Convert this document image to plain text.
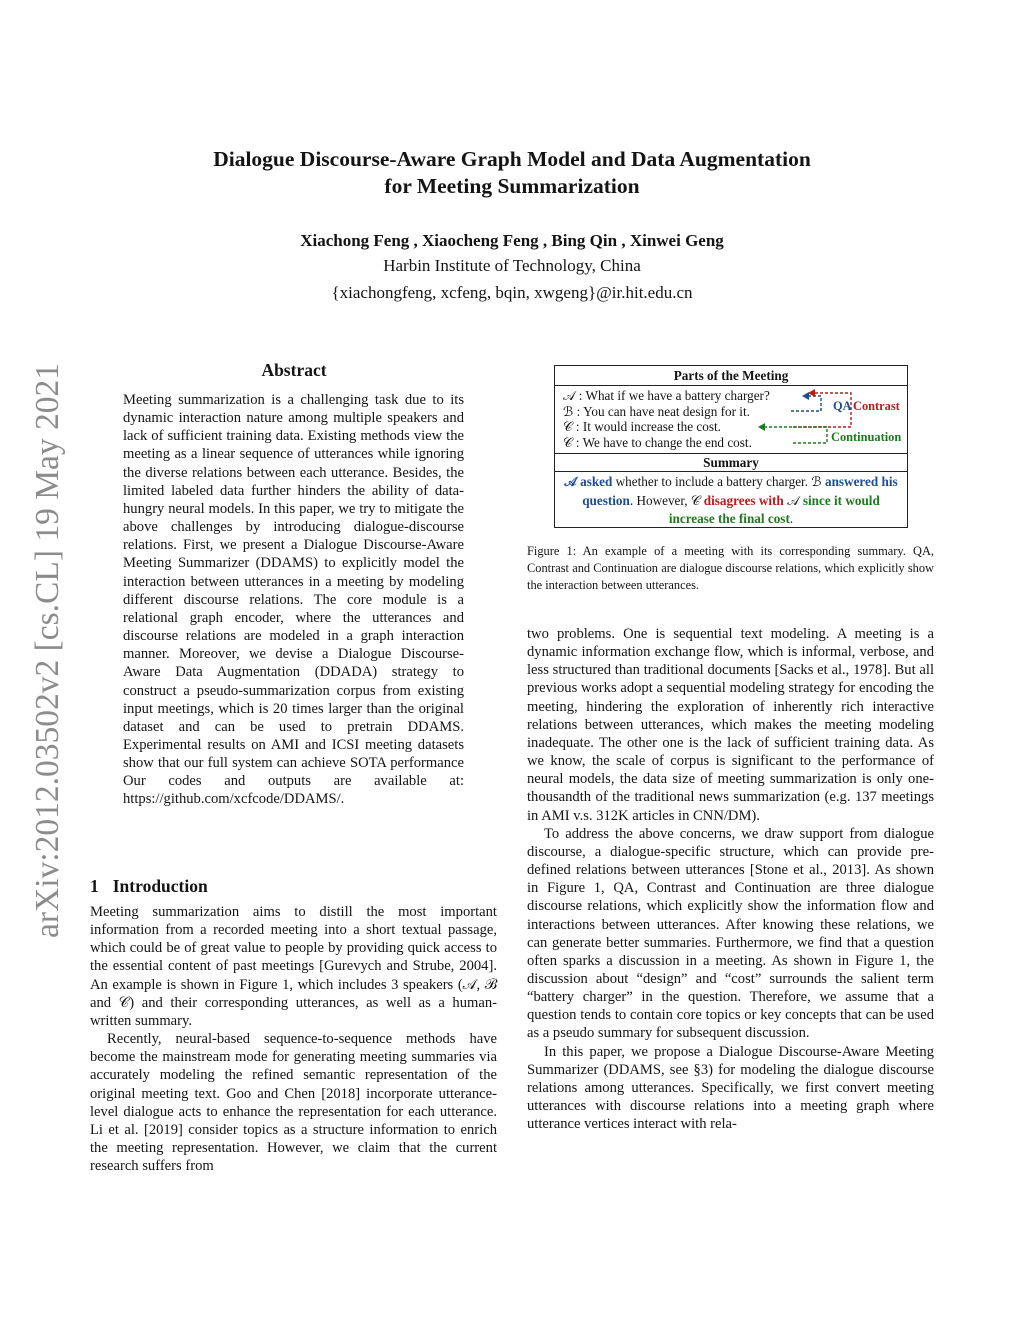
Dialogue Discourse-Aware Graph Model and Data Augmentation
for Meeting Summarization
Xiachong Feng , Xiaocheng Feng , Bing Qin , Xinwei Geng
Harbin Institute of Technology, China
{xiachongfeng, xcfeng, bqin, xwgeng}@ir.hit.edu.cn
arXiv:2012.03502v2 [cs.CL] 19 May 2021	Abstract
Meeting summarization is a challenging task due to its dynamic interaction nature among multiple speakers and lack of sufficient training data. Existing methods view the meeting as a linear sequence of utterances while ignoring the diverse relations between each utterance. Besides, the limited labeled data further hinders the ability of data-hungry neural models. In this paper, we try to mitigate the above challenges by introducing dialogue-discourse relations. First, we present a Dialogue Discourse-Aware Meeting Summarizer (DDAMS) to explicitly model the interaction between utterances in a meeting by modeling different discourse relations. The core module is a relational graph encoder, where the utterances and discourse relations are modeled in a graph interaction manner. Moreover, we devise a Dialogue Discourse-Aware Data Augmentation (DDADA) strategy to construct a pseudo-summarization corpus from existing input meetings, which is 20 times larger than the original dataset and can be used to pretrain DDAMS. Experimental results on AMI and ICSI meeting datasets show that our full system can achieve SOTA performance Our codes and outputs are available at: https://github.com/xcfcode/DDAMS/.
1 Introduction

Meeting summarization aims to distill the most important information from a recorded meeting into a short textual passage, which could be of great value to people by providing quick access to the essential content of past meetings [Gurevych and Strube, 2004]. An example is shown in Figure 1, which includes 3 speakers (𝒜, ℬ and 𝒞) and their corresponding utterances, as well as a human-written summary.

Recently, neural-based sequence-to-sequence methods have become the mainstream mode for generating meeting summaries via accurately modeling the refined semantic representation of the original meeting text. Goo and Chen [2018] incorporate utterance-level dialogue acts to enhance the representation for each utterance. Li et al. [2019] consider topics as a structure information to enrich the meeting representation. However, we claim that the current research suffers from

Parts of the Meeting
𝒜 : What if we have a battery charger?
ℬ : You can have neat design for it.
𝒞 : It would increase the cost.
𝒞 : We have to change the end cost.
QA Contrast
Continuation
Summary
𝒜 asked whether to include a battery charger. ℬ answered his question. However, 𝒞 disagrees with 𝒜 since it would increase the final cost.
Figure 1: An example of a meeting with its corresponding summary. QA, Contrast and Continuation are dialogue discourse relations, which explicitly show the interaction between utterances.

two problems. One is sequential text modeling. A meeting is a dynamic information exchange flow, which is informal, verbose, and less structured than traditional documents [Sacks et al., 1978]. But all previous works adopt a sequential modeling strategy for encoding the meeting, hindering the exploration of inherently rich interactive relations between utterances, which makes the meeting modeling inadequate. The other one is the lack of sufficient training data. As we know, the scale of corpus is significant to the performance of neural models, the data size of meeting summarization is only one-thousandth of the traditional news summarization (e.g. 137 meetings in AMI v.s. 312K articles in CNN/DM).

To address the above concerns, we draw support from dialogue discourse, a dialogue-specific structure, which can provide pre-defined relations between utterances [Stone et al., 2013]. As shown in Figure 1, QA, Contrast and Continuation are three dialogue discourse relations, which explicitly show the information flow and interactions between utterances. After knowing these relations, we can generate better summaries. Furthermore, we find that a question often sparks a discussion in a meeting. As shown in Figure 1, the discussion about “design” and “cost” surrounds the salient term “battery charger” in the question. Therefore, we assume that a question tends to contain core topics or key concepts that can be used as a pseudo summary for subsequent discussion.

In this paper, we propose a Dialogue Discourse-Aware Meeting Summarizer (DDAMS, see §3) for modeling the dialogue discourse relations among utterances. Specifically, we first convert meeting utterances with discourse relations into a meeting graph where utterance vertices interact with rela-
